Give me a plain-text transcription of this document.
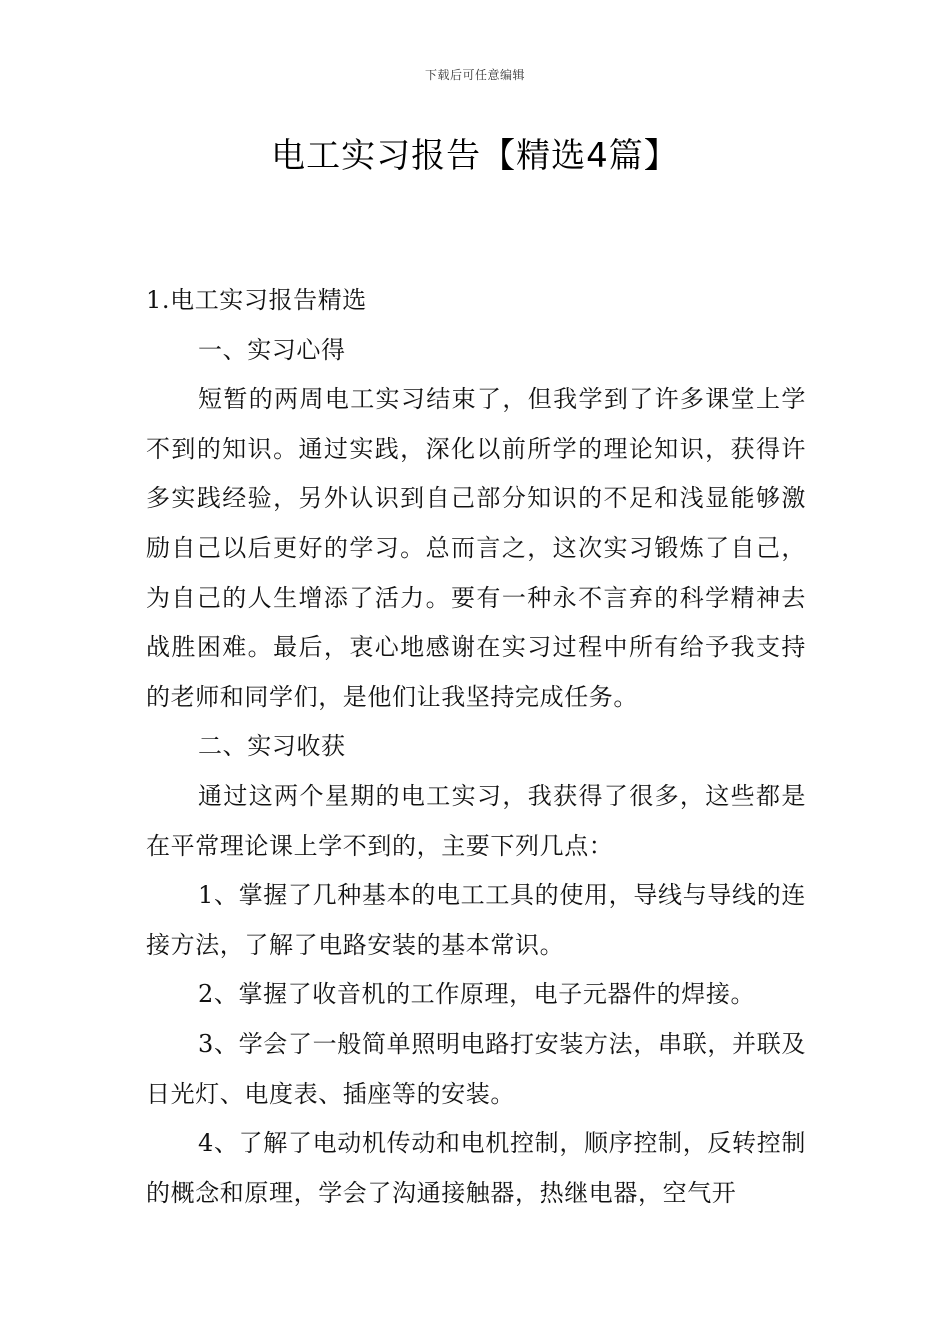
下载后可任意编辑
电工实习报告【精选4篇】

1.电工实习报告精选

一、实习心得

短暂的两周电工实习结束了，但我学到了许多课堂上学不到的知识。通过实践，深化以前所学的理论知识，获得许多实践经验，另外认识到自己部分知识的不足和浅显能够激励自己以后更好的学习。总而言之，这次实习锻炼了自己，为自己的人生增添了活力。要有一种永不言弃的科学精神去战胜困难。最后，衷心地感谢在实习过程中所有给予我支持的老师和同学们，是他们让我坚持完成任务。

二、实习收获

通过这两个星期的电工实习，我获得了很多，这些都是在平常理论课上学不到的，主要下列几点：

1、掌握了几种基本的电工工具的使用，导线与导线的连接方法，了解了电路安装的基本常识。

2、掌握了收音机的工作原理，电子元器件的焊接。

3、学会了一般简单照明电路打安装方法，串联，并联及日光灯、电度表、插座等的安装。

4、了解了电动机传动和电机控制，顺序控制，反转控制的概念和原理，学会了沟通接触器，热继电器，空气开
